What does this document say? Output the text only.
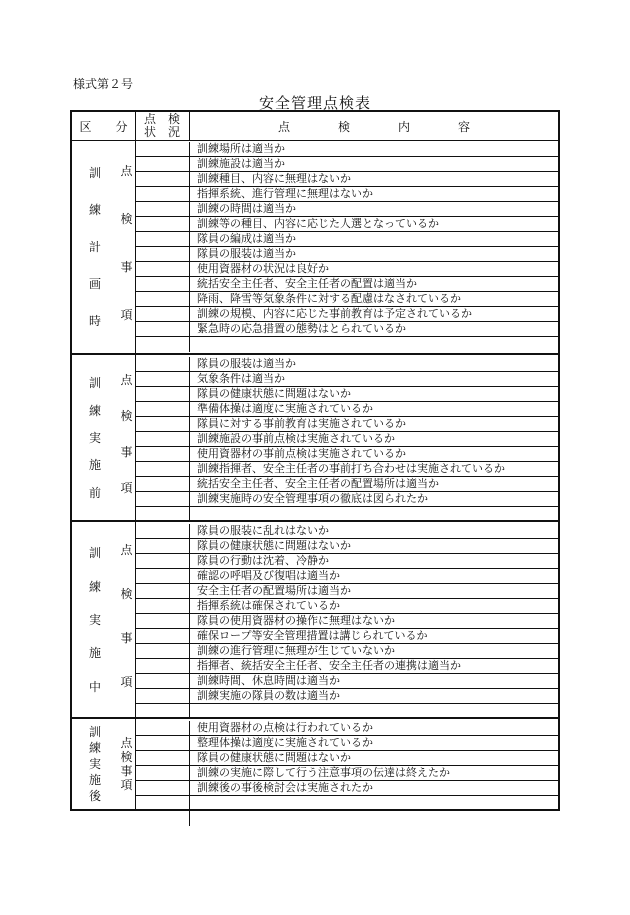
様式第２号
安全管理点検表
区　　分
点　検
状　況	点　　　　検　　　　内　　　　容
訓
練
計
画
時
点
検
事
項
訓練場所は適当か
訓練施設は適当か
訓練種目、内容に無理はないか
指揮系統、進行管理に無理はないか
訓練の時間は適当か
訓練等の種目、内容に応じた人選となっているか
隊員の編成は適当か
隊員の服装は適当か
使用資器材の状況は良好か
統括安全主任者、安全主任者の配置は適当か
降雨、降雪等気象条件に対する配慮はなされているか
訓練の規模、内容に応じた事前教育は予定されているか
緊急時の応急措置の態勢はとられているか
訓
練
実
施
前
点
検
事
項
隊員の服装は適当か
気象条件は適当か
隊員の健康状態に問題はないか
準備体操は適度に実施されているか
隊員に対する事前教育は実施されているか
訓練施設の事前点検は実施されているか
使用資器材の事前点検は実施されているか
訓練指揮者、安全主任者の事前打ち合わせは実施されているか
統括安全主任者、安全主任者の配置場所は適当か
訓練実施時の安全管理事項の徹底は図られたか
訓
練
実
施
中
点
検
事
項
隊員の服装に乱れはないか
隊員の健康状態に問題はないか
隊員の行動は沈着、冷静か
確認の呼唱及び復唱は適当か
安全主任者の配置場所は適当か
指揮系統は確保されているか
隊員の使用資器材の操作に無理はないか
確保ロープ等安全管理措置は講じられているか
訓練の進行管理に無理が生じていないか
指揮者、統括安全主任者、安全主任者の連携は適当か
訓練時間、休息時間は適当か
訓練実施の隊員の数は適当か
訓
練
実
施
後
点
検
事
項
使用資器材の点検は行われているか
整理体操は適度に実施されているか
隊員の健康状態に問題はないか
訓練の実施に際して行う注意事項の伝達は終えたか
訓練後の事後検討会は実施されたか
